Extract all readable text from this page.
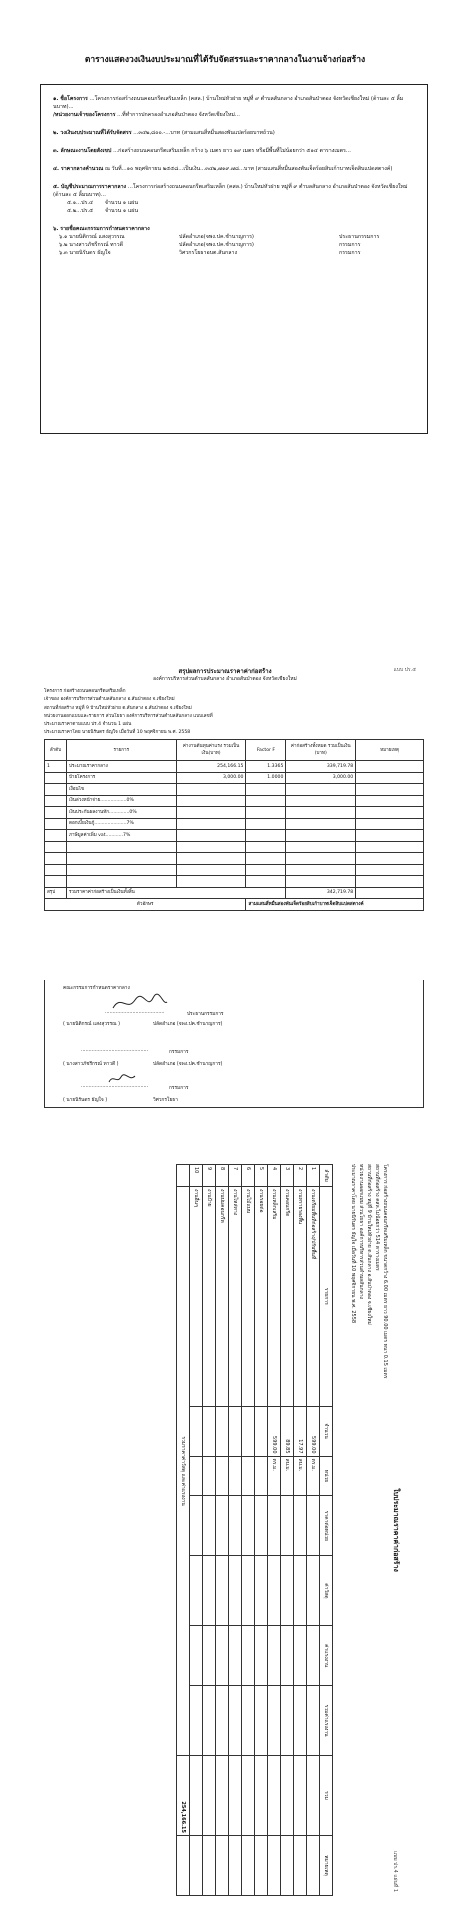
ตารางแสดงวงเงินงบประมาณที่ได้รับจัดสรรและราคากลางในงานจ้างก่อสร้าง
๑. ชื่อโครงการ ...โครงการก่อสร้างถนนคอนกรีตเสริมเหล็ก (คสล.) บ้านใหม่หัวฝาย หมู่ที่ ๙ ตำบลสันกลาง อำเภอสันป่าตอง จังหวัดเชียงใหม่ (ด้านละ ๕ ลิ้มนบาท)...
/หน่วยงานเจ้าของโครงการ ...ที่ทำการปกครองอำเภอสันป่าตอง จังหวัดเชียงใหม่...
๒. วงเงินงบประมาณที่ได้รับจัดสรร ...๓๔๒,๘๐๐.-...บาท (สามแสนสี่หมื่นสองพันแปดร้อยบาทถ้วน)
๓. ลักษณะงานโดยสังเขป ...ก่อสร้างถนนคอนกรีตเสริมเหล็ก กว้าง ๖ เมตร ยาว ๑๙ เมตร หรือมีพื้นที่ไม่น้อยกว่า ๕๑๔ ตารางเมตร...
๔. ราคากลางคำนวณ ณ วันที่...๑๐ พฤศจิกายน ๒๕๕๘...เป็นเงิน...๓๔๒,๗๑๙.๗๘...บาท (สามแสนสี่หมื่นสองพันเจ็ดร้อยสิบเก้าบาทเจ็ดสิบแปดสตางค์)
๕. บัญชีประมาณการราคากลาง ...โครงการก่อสร้างถนนคอนกรีตเสริมเหล็ก (คสล.) บ้านใหม่หัวฝาย หมู่ที่ ๙ ตำบลสันกลาง อำเภอสันป่าตอง จังหวัดเชียงใหม่ (ด้านละ ๕ ลิ้มนบาท)...
๕.๑...ปร.๔ จำนวน ๑ แผ่น
๕.๒...ปร.๕ จำนวน ๑ แผ่น
๖. รายชื่อคณะกรรมการกำหนดราคากลาง
๖.๑ นายนิติกรณ์ แสงสุวรรณ	ปลัดอำเภอ(จพง.ปค.ชำนาญการ)	ประธานกรรมการ
๖.๒ นางสาวภัชรีกรณ์ ทาวดี	ปลัดอำเภอ(จพง.ปค.ชำนาญการ)	กรรมการ
๖.๓ นายนิรันดร ธัญใจ	วิศวกรโยธาอบต.สันกลาง	กรรมการ
แบบ ปร.๕
สรุปผลการประมาณราคาค่าก่อสร้าง
องค์การบริหารส่วนตำบลสันกลาง อำเภอสันป่าตอง จังหวัดเชียงใหม่
โครงการ ก่อสร้างถนนคอนกรีตเสริมเหล็ก
เจ้าของ องค์การบริหารส่วนตำบลสันกลาง อ.สันป่าตอง จ.เชียงใหม่
สถานที่ก่อสร้าง หมู่ที่ 9 บ้านใหม่หัวฝาย ต.สันกลาง อ.สันป่าตอง จ.เชียงใหม่
หน่วยงานออกแบบและรายการ ส่วนโยธา องค์การบริหารส่วนตำบลสันกลาง แบบเลขที่
ประมาณราคาตามแบบ ปร.4 จำนวน 1 แผ่น
ประมาณราคาโดย นายนิรันดร ธัญใจ เมื่อวันที่ 10 พฤศจิกายน พ.ศ. 2558
ลำดับ	รายการ	ค่างานต้นทุนค่าแรง รวมเป็นเงิน(บาท)	Factor F	ค่าก่อสร้างทั้งหมด รวมเป็นเงิน (บาท)	หมายเหตุ
1	ประมาณราคากลาง	254,166.15	1.3365	339,719.78	
	ป้ายโครงการ	3,000.00	1.0000	3,000.00	
	เงื่อนไข				
	เงินล่วงหน้าจ่าย..................0%				
	เงินประกันผลงานหัก..............0%				
	ดอกเบี้ยเงินกู้......................7%				
	ภาษีมูลค่าเพิ่ม vat............7%				

สรุป	รวมราคาค่าก่อสร้างเป็นเงินทั้งสิ้น			342,719.78	
ตัวอักษร			สามแสนสี่หมื่นสองพันเจ็ดร้อยสิบเก้าบาทเจ็ดสิบแปดสตางค์		
คณะกรรมการกำหนดราคากลาง
.......................................	ประธานกรรมการ
( นายนิติกรณ์ แสงสุวรรณ )	ปลัดอำเภอ (จพง.ปค.ชำนาญการ)
............................................	กรรมการ
( นางสาวภัชรีกรณ์ ทาวดี )	ปลัดอำเภอ (จพง.ปค.ชำนาญการ)
............................................	กรรมการ
( นายนิรันดร ธัญใจ )	วิศวกรโยธา
ใบประมาณราคาค่าก่อสร้าง
แบบ ปร.4 แผ่นที่ 1
โครงการ ก่อสร้างถนนคอนกรีตเสริมเหล็ก ขนาดกว้าง 6.00 เมตร ยาว 90.00 เมตร หนา 0.15 เมตร
สถานที่ก่อสร้าง คสล.ไม่น้อยกว่า 514 ตารางเมตร
สถานที่ก่อสร้าง หมู่ที่ 9 บ้านใหม่หัวฝาย ต.สันกลาง อ.สันป่าตอง จ.เชียงใหม่
หน่วยงานออกแบบ ส่วนโยธา องค์การบริหารส่วนตำบลสันกลาง
ประมาณราคาโดย นายนิรันดร ธัญใจ เมื่อวันที่ 10 พฤศจิกายน พ.ศ. 2558
ลำดับ	รายการ	จำนวน	หน่วย	ราคาต่อหน่วย	ค่าวัสดุ	ค่าแรงงาน	รวมค่าแรงงาน	รวม	หมายเหตุ
1	งานเตรียมพื้นที่ก่อสร้าง/ปรับพื้นที่	599.00	ตร.ม.						
2	งานทรายรองพื้น	17.97	ลบ.ม.						
3	งานคอนกรีต	89.85	ลบ.ม.						
4	งานเหล็กเสริม	599.00	ตร.ม.						
5	งานรอยต่อ								
6	งานไม้แบบ								
7	งานไหล่ทาง								
8	งานบ่มคอนกรีต								
9	งานป้าย								
10	งานอื่นๆ								
	รวมราคาค่าวัสดุ และค่าแรงงาน							254,166.15	
